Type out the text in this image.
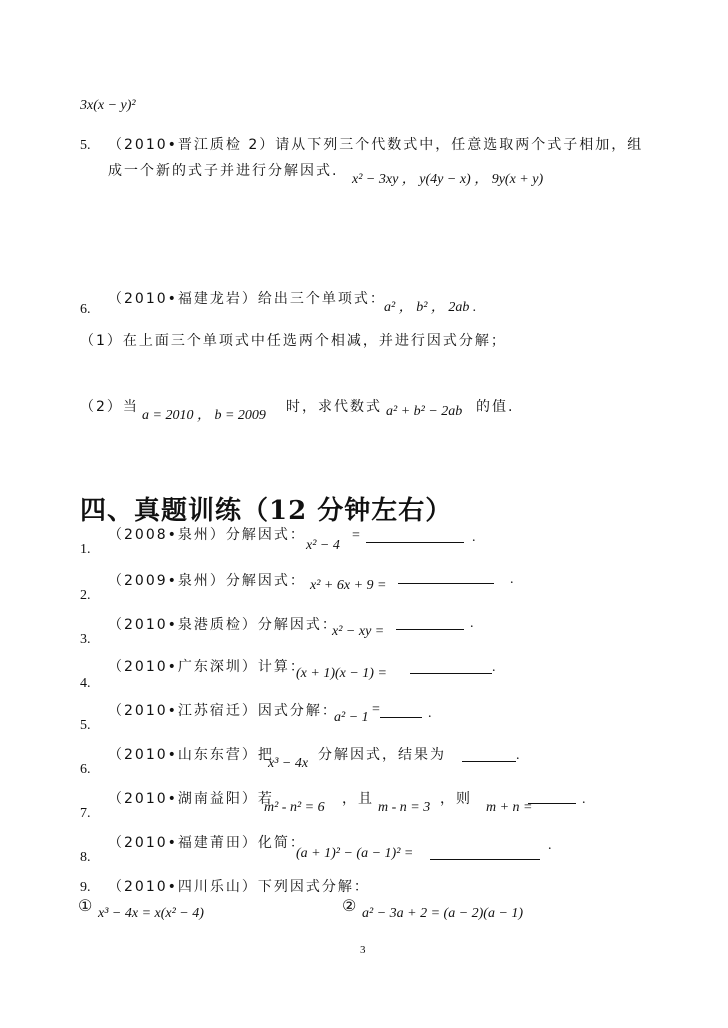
3x(x − y)²
5. （2010•晋江质检 2）请从下列三个代数式中，任意选取两个式子相加，组
成一个新的式子并进行分解因式.
x² − 3xy ， y(4y − x) ， 9y(x + y)
6.
（2010•福建龙岩）给出三个单项式：
a² ， b² ， 2ab .
（1）在上面三个单项式中任选两个相减，并进行因式分解；
（2）当
a = 2010 ， b = 2009
时，求代数式 a² + b² − 2ab 的值.
四、真题训练（12 分钟左右）
1.
（2008•泉州）分解因式：
x² − 4
=	.
2.
（2009•泉州）分解因式： x² + 6x + 9 =	.
3.
（2010•泉港质检）分解因式：
x² − xy =
.
4.
（2010•广东深圳）计算：
(x + 1)(x − 1) =	.
5.
（2010•江苏宿迁）因式分解：
a² − 1
=	.
6.
（2010•山东东营）把
x³ − 4x
分解因式，结果为	.
7.
（2010•湖南益阳）若
m² - n² = 6
，且
m - n = 3
，则
m + n =
.
8.
（2010•福建莆田）化简：
(a + 1)² − (a − 1)² =
.
9. （2010•四川乐山）下列因式分解：
① x³ − 4x = x(x² − 4)	② a² − 3a + 2 = (a − 2)(a − 1)
3
